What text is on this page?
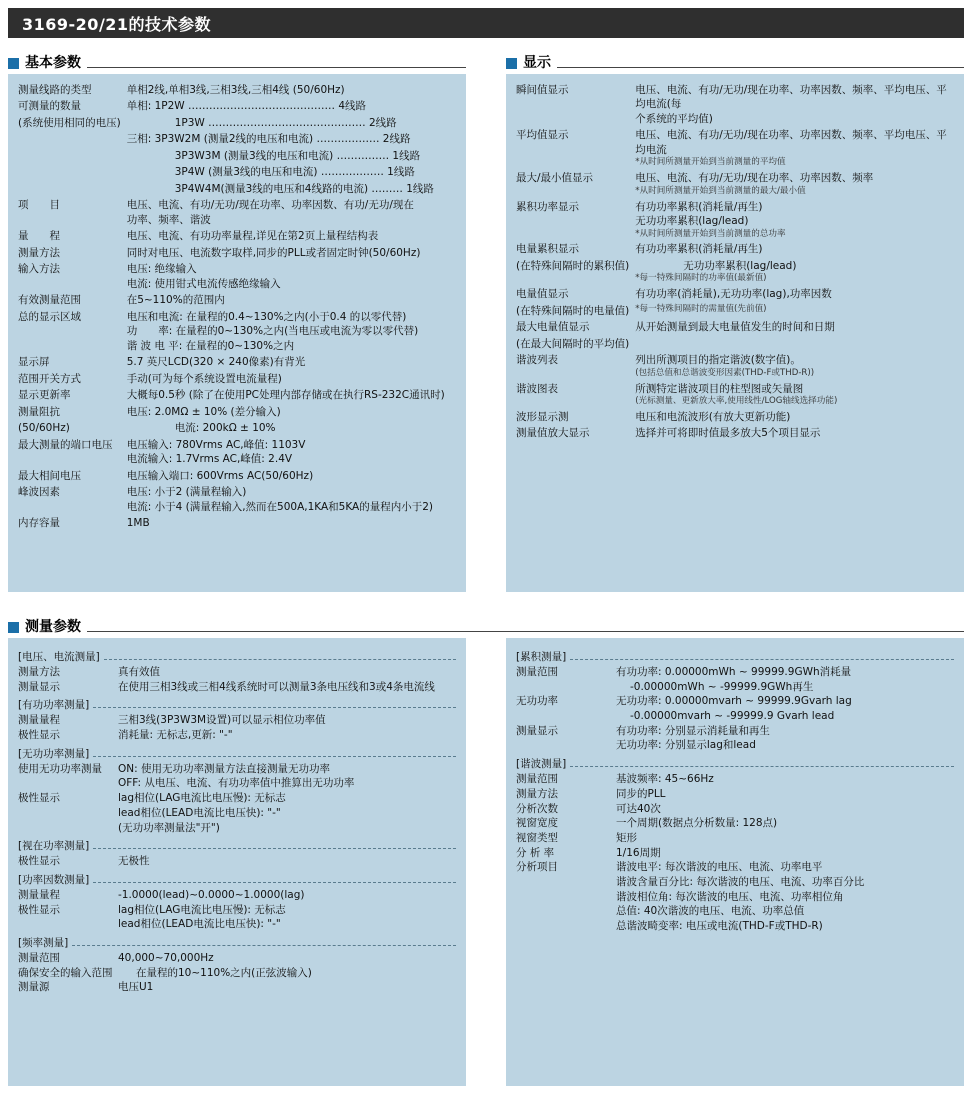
3169-20/21的技术参数
基本参数
测量线路的类型	单相2线,单相3线,三相3线,三相4线 (50/60Hz)

可测量的数量	单相: 1P2W …………………………………… 4线路

(系统使用相同的电压)	1P3W ……………………………………… 2线路

	三相: 3P3W2M (测量2线的电压和电流) ……………… 2线路

	3P3W3M (测量3线的电压和电流) …………… 1线路

	3P4W (测量3线的电压和电流) ……………… 1线路

	3P4W4M(测量3线的电压和4线路的电流) ……… 1线路

项　　目	电压、电流、有功/无功/现在功率、功率因数、有功/无功/现在
功率、频率、谐波

量　　程	电压、电流、有功功率量程,详见在第2页上量程结构表

测量方法	同时对电压、电流数字取样,同步的PLL或者固定时钟(50/60Hz)

输入方法	电压: 绝缘输入
电流: 使用钳式电流传感绝缘输入

有效测量范围	在5~110%的范围内

总的显示区域	电压和电流: 在量程的0.4~130%之内(小于0.4 的以零代替)
功　　率: 在量程的0~130%之内(当电压或电流为零以零代替)
谐 波 电 平: 在量程的0~130%之内

显示屏	5.7 英尺LCD(320 × 240像素)有背光

范围开关方式	手动(可为每个系统设置电流量程)

显示更新率	大概每0.5秒 (除了在使用PC处理内部存储或在执行RS-232C通讯时)

测量阻抗	电压: 2.0MΩ ± 10% (差分输入)

(50/60Hz)	电流: 200kΩ ± 10%

最大测量的端口电压	电压输入: 780Vrms AC,峰值: 1103V
电流输入: 1.7Vrms AC,峰值: 2.4V

最大相间电压	电压输入端口: 600Vrms AC(50/60Hz)

峰波因素	电压: 小于2 (满量程输入)
电流: 小于4 (满量程输入,然而在500A,1KA和5KA的量程内小于2)

内存容量	1MB
显示
瞬间值显示	电压、电流、有功/无功/现在功率、功率因数、频率、平均电压、平均电流(每
个系统的平均值)

平均值显示	电压、电流、有功/无功/现在功率、功率因数、频率、平均电压、平均电流
*从时间所测量开始到当前测量的平均值

最大/最小值显示	电压、电流、有功/无功/现在功率、功率因数、频率
*从时间所测量开始到当前测量的最大/最小值

累积功率显示	有功功率累积(消耗量/再生)
无功功率累积(lag/lead)
*从时间所测量开始到当前测量的总功率

电量累积显示	有功功率累积(消耗量/再生)

(在特殊间隔时的累积值)	无功功率累积(lag/lead)
*每一特殊间隔时的功率值(最新值)

电量值显示	有功功率(消耗量),无功功率(lag),功率因数

(在特殊间隔时的电量值)	*每一特殊间隔时的需量值(先前值)

最大电量值显示	从开始测量到最大电量值发生的时间和日期

(在最大间隔时的平均值)	
谐波列表	列出所测项目的指定谐波(数字值)。
(包括总值和总谐波变形因素(THD-F或THD-R))

谐波图表	所测特定谐波项目的柱型图或矢量图
(光标测量、更新放大率,使用线性/LOG轴线选择功能)

波形显示测	电压和电流波形(有放大更新功能)

测量值放大显示	选择并可将即时值最多放大5个项目显示
测量参数
[电压、电流测量]
测量方法	真有效值
测量显示	在使用三相3线或三相4线系统时可以测量3条电压线和3或4条电流线
[有功功率测量]
测量量程	三相3线(3P3W3M设置)可以显示相位功率值
极性显示	消耗量: 无标志,更新: "-"
[无功功率测量]
使用无功功率测量	ON: 使用无功功率测量方法直接测量无功功率
OFF: 从电压、电流、有功功率值中推算出无功功率
极性显示	lag相位(LAG电流比电压慢): 无标志
lead相位(LEAD电流比电压快): "-"
(无功功率测量法"开")
[视在功率测量]
极性显示	无极性
[功率因数测量]
测量量程	-1.0000(lead)~0.0000~1.0000(lag)
极性显示	lag相位(LAG电流比电压慢): 无标志
lead相位(LEAD电流比电压快): "-"
[频率测量]
测量范围	40,000~70,000Hz
确保安全的输入范围	在量程的10~110%之内(正弦波输入)
测量源	电压U1
[累积测量]
测量范围	有功功率: 0.00000mWh ~ 99999.9GWh消耗量
-0.00000mWh ~ -99999.9GWh再生
无功功率	无功功率: 0.00000mvarh ~ 99999.9Gvarh lag
-0.00000mvarh ~ -99999.9 Gvarh lead
测量显示	有功功率: 分别显示消耗量和再生
无功功率: 分别显示lag和lead
[谐波测量]
测量范围	基波频率: 45~66Hz
测量方法	同步的PLL
分析次数	可达40次
视窗宽度	一个周期(数据点分析数量: 128点)
视窗类型	矩形
分 析 率	1/16周期
分析项目	谐波电平: 每次谐波的电压、电流、功率电平
谐波含量百分比: 每次谐波的电压、电流、功率百分比
谐波相位角: 每次谐波的电压、电流、功率相位角
总值: 40次谐波的电压、电流、功率总值
总谐波畸变率: 电压或电流(THD-F或THD-R)
